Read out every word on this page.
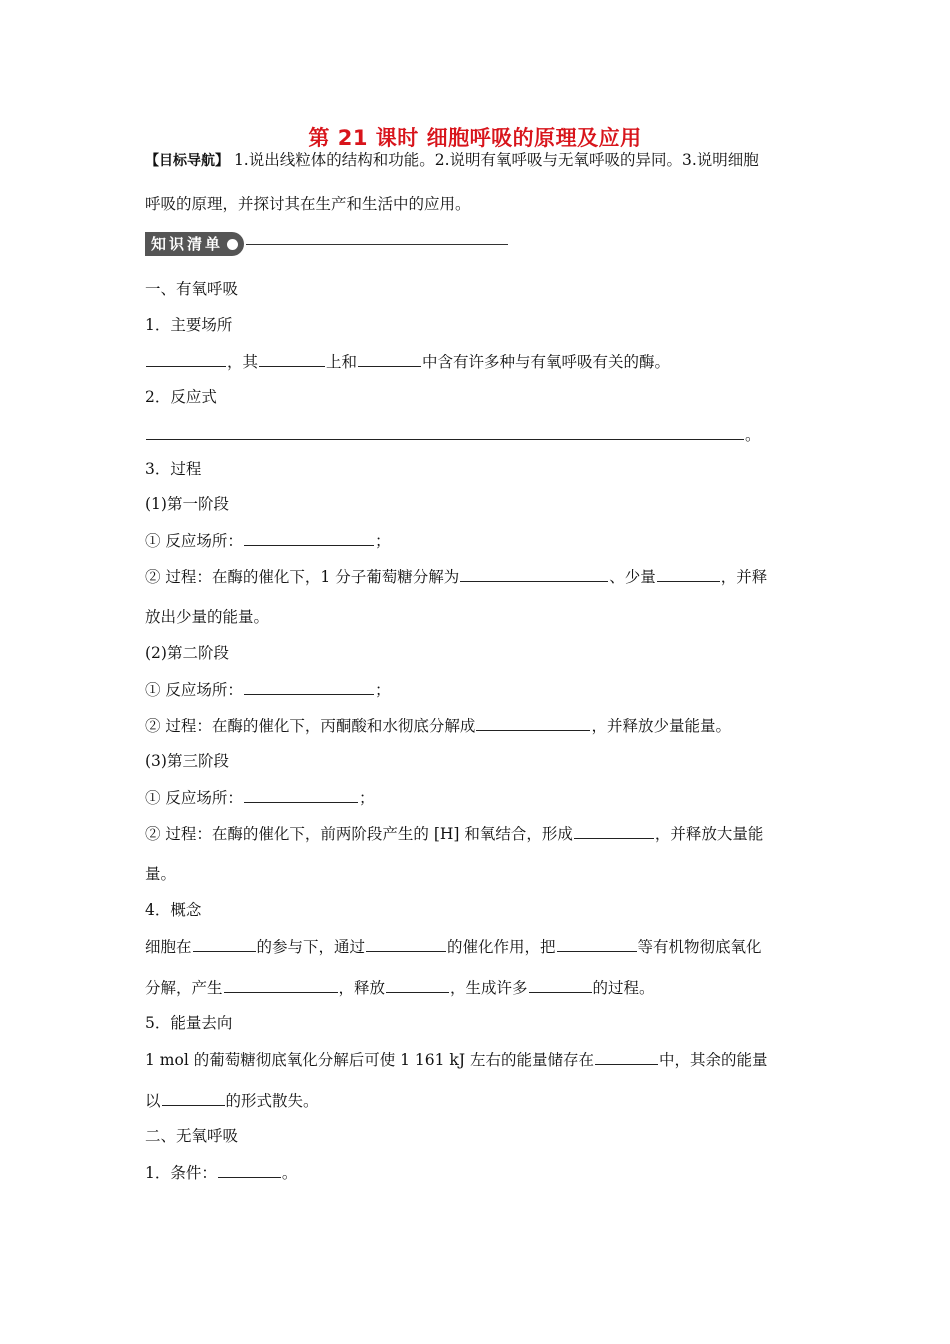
第 21 课时 细胞呼吸的原理及应用
【目标导航】 1.说出线粒体的结构和功能。2.说明有氧呼吸与无氧呼吸的异同。3.说明细胞
呼吸的原理，并探讨其在生产和生活中的应用。
知识清单
一、有氧呼吸
1．主要场所
，其	上和	中含有许多种与有氧呼吸有关的酶。
2．反应式
。
3．过程
(1)第一阶段
① 反应场所：	；
② 过程：在酶的催化下，1 分子葡萄糖分解为	、少量	，并释
放出少量的能量。
(2)第二阶段
① 反应场所：	；
② 过程：在酶的催化下，丙酮酸和水彻底分解成	，并释放少量能量。
(3)第三阶段
① 反应场所：	；
② 过程：在酶的催化下，前两阶段产生的 [H] 和氧结合，形成	，并释放大量能
量。
4．概念
细胞在	的参与下，通过	的催化作用，把	等有机物彻底氧化
分解，产生	，释放	，生成许多	的过程。
5．能量去向
1 mol 的葡萄糖彻底氧化分解后可使 1 161 kJ 左右的能量储存在	中，其余的能量
以	的形式散失。
二、无氧呼吸
1．条件：	。
